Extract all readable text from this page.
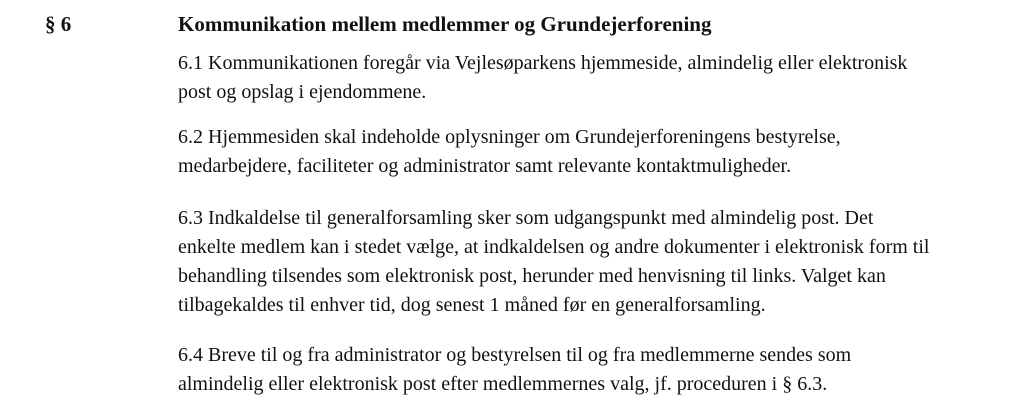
§ 6	Kommunikation mellem medlemmer og Grundejerforening
6.1 Kommunikationen foregår via Vejlesøparkens hjemmeside, almindelig eller elektronisk
post og opslag i ejendommene.
6.2 Hjemmesiden skal indeholde oplysninger om Grundejerforeningens bestyrelse,
medarbejdere, faciliteter og administrator samt relevante kontaktmuligheder.
6.3 Indkaldelse til generalforsamling sker som udgangspunkt med almindelig post. Det
enkelte medlem kan i stedet vælge, at indkaldelsen og andre dokumenter i elektronisk form til
behandling tilsendes som elektronisk post, herunder med henvisning til links. Valget kan
tilbagekaldes til enhver tid, dog senest 1 måned før en generalforsamling.
6.4 Breve til og fra administrator og bestyrelsen til og fra medlemmerne sendes som
almindelig eller elektronisk post efter medlemmernes valg, jf. proceduren i § 6.3.
